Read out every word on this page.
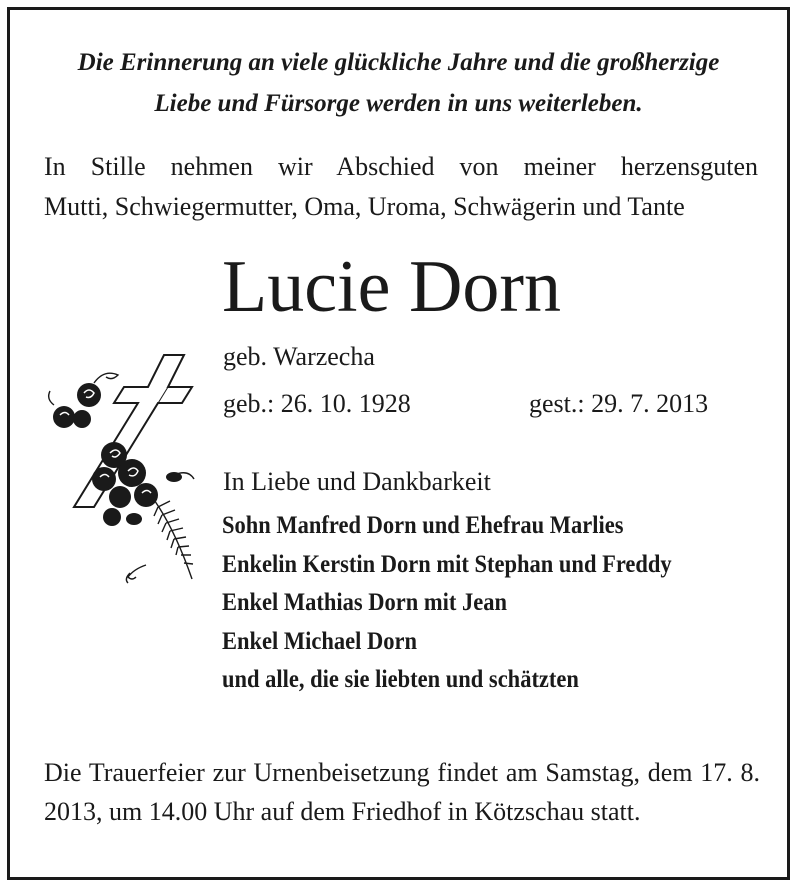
Die Erinnerung an viele glückliche Jahre und die großherzige
Liebe und Fürsorge werden in uns weiterleben.
In Stille nehmen wir Abschied von meiner herzensguten
Mutti, Schwiegermutter, Oma, Uroma, Schwägerin und Tante
Lucie Dorn
geb. Warzecha
geb.: 26. 10. 1928	gest.: 29. 7. 2013
In Liebe und Dankbarkeit
Sohn Manfred Dorn und Ehefrau Marlies
Enkelin Kerstin Dorn mit Stephan und Freddy
Enkel Mathias Dorn mit Jean
Enkel Michael Dorn
und alle, die sie liebten und schätzten
Die Trauerfeier zur Urnenbeisetzung findet am Samstag, dem 17. 8. 2013, um 14.00 Uhr auf dem Friedhof in Kötzschau statt.
